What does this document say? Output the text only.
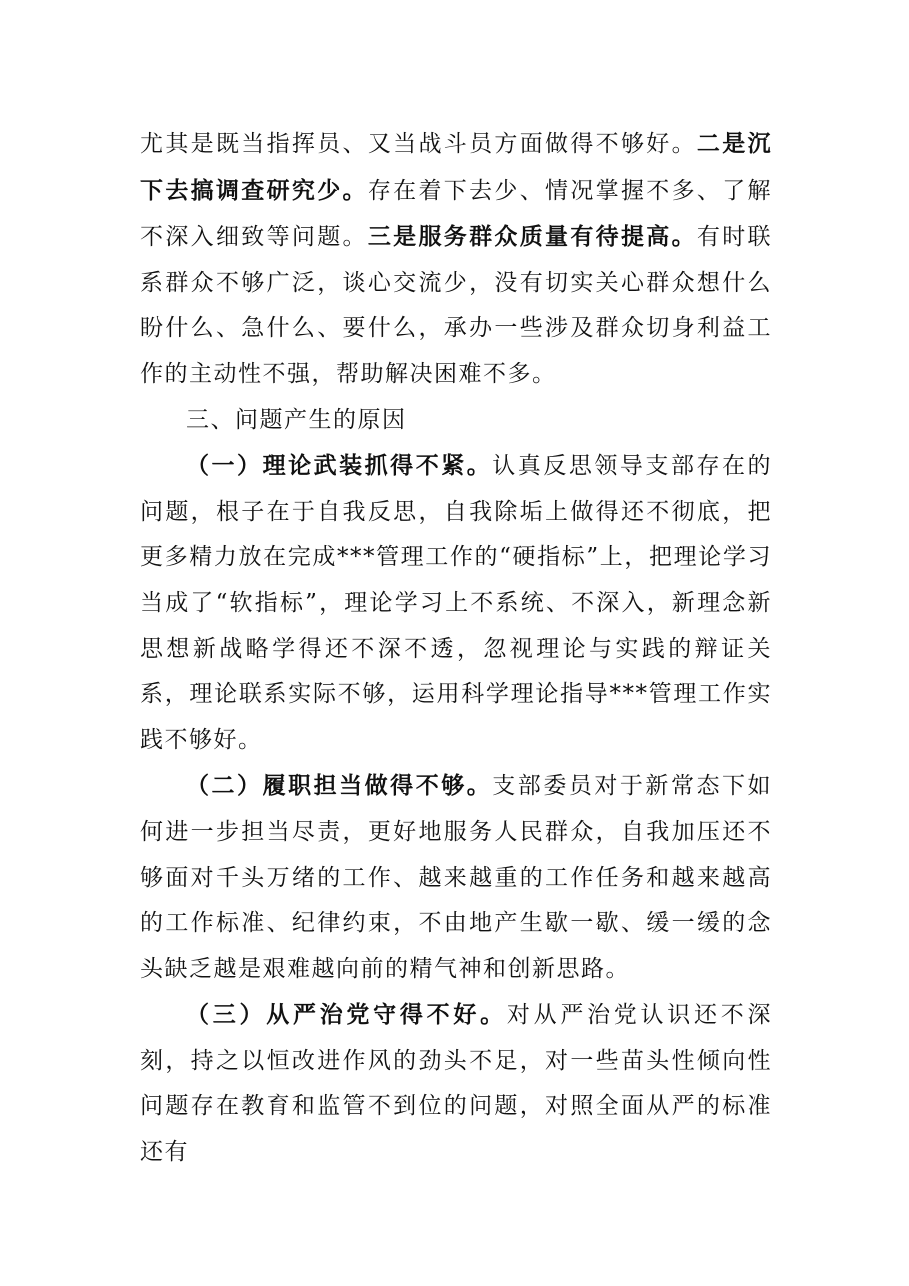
尤其是既当指挥员、又当战斗员方面做得不够好。二是沉下去搞调查研究少。存在着下去少、情况掌握不多、了解不深入细致等问题。三是服务群众质量有待提高。有时联系群众不够广泛，谈心交流少，没有切实关心群众想什么盼什么、急什么、要什么，承办一些涉及群众切身利益工作的主动性不强，帮助解决困难不多。

三、问题产生的原因

（一）理论武装抓得不紧。认真反思领导支部存在的问题，根子在于自我反思，自我除垢上做得还不彻底，把更多精力放在完成***管理工作的“硬指标”上，把理论学习当成了“软指标”，理论学习上不系统、不深入，新理念新思想新战略学得还不深不透，忽视理论与实践的辩证关系，理论联系实际不够，运用科学理论指导***管理工作实践不够好。

（二）履职担当做得不够。支部委员对于新常态下如何进一步担当尽责，更好地服务人民群众，自我加压还不够面对千头万绪的工作、越来越重的工作任务和越来越高的工作标准、纪律约束，不由地产生歇一歇、缓一缓的念头缺乏越是艰难越向前的精气神和创新思路。

（三）从严治党守得不好。对从严治党认识还不深刻，持之以恒改进作风的劲头不足，对一些苗头性倾向性问题存在教育和监管不到位的问题，对照全面从严的标准还有
